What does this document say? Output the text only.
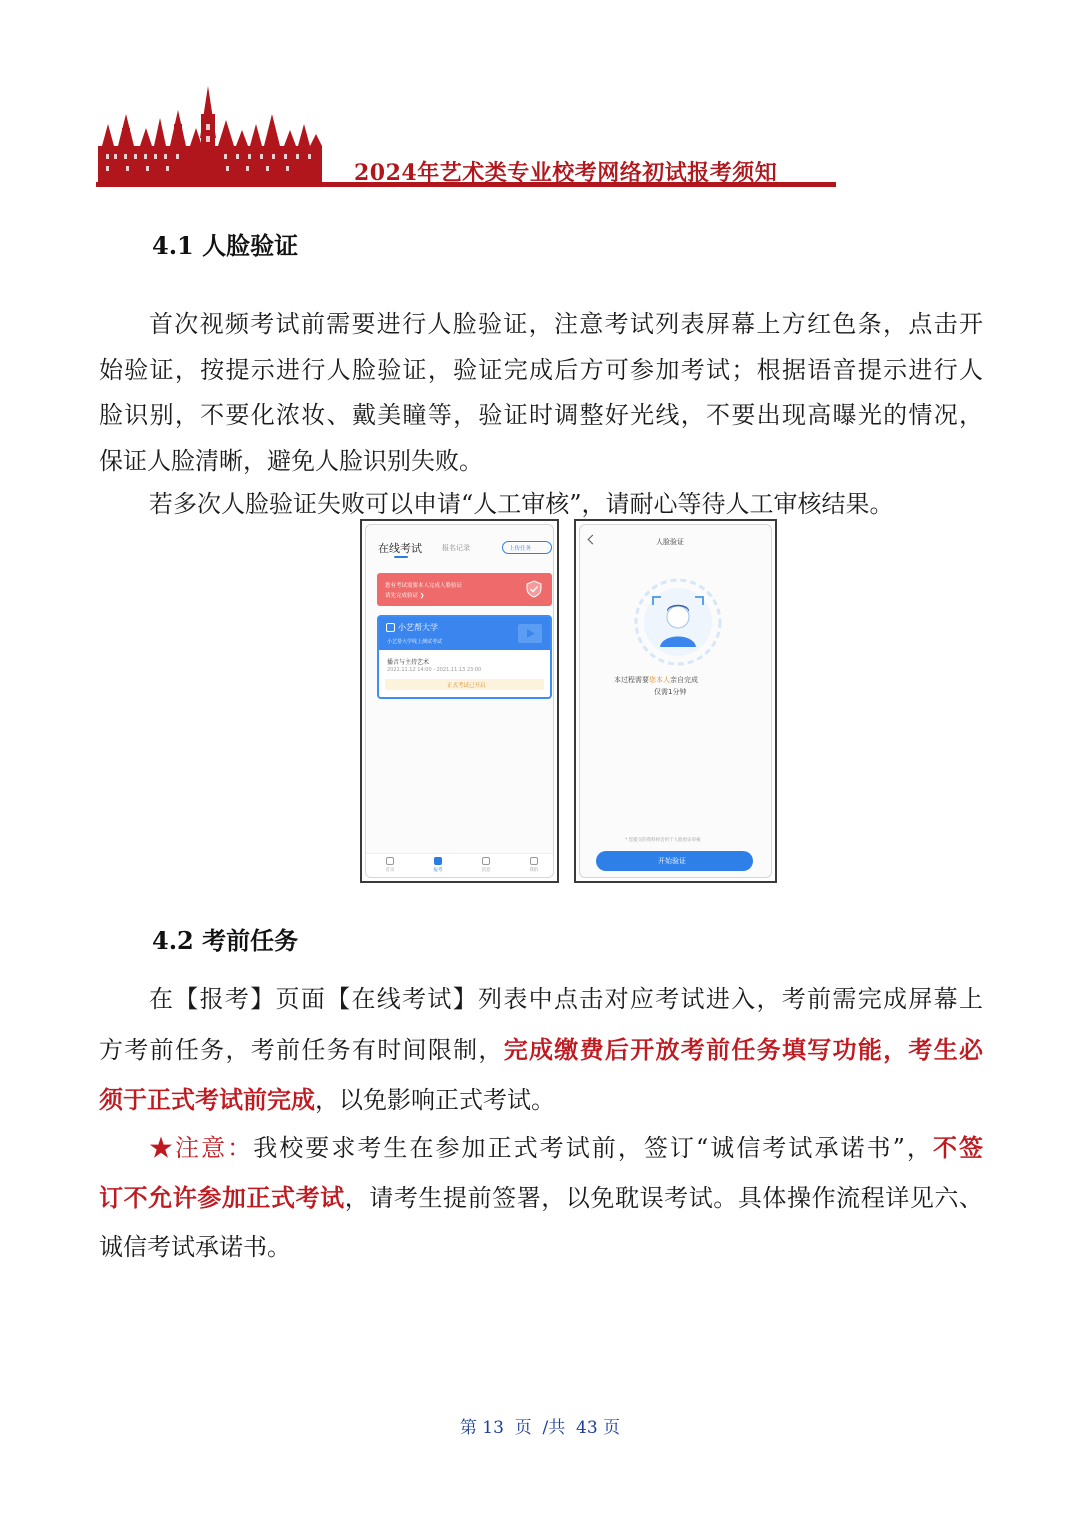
2024年艺术类专业校考网络初试报考须知
4.1 人脸验证
首次视频考试前需要进行人脸验证，注意考试列表屏幕上方红色条，点击开
始验证，按提示进行人脸验证，验证完成后方可参加考试；根据语音提示进行人
脸识别，不要化浓妆、戴美瞳等，验证时调整好光线，不要出现高曝光的情况，
保证人脸清晰，避免人脸识别失败。
若多次人脸验证失败可以申请“人工审核”，请耐心等待人工审核结果。
在线考试	报名记录	上传任务
您有考试需要本人完成人脸验证
请先完成验证 ❯
小艺帮大学
小艺帮大学线上测试考试
播音与主持艺术
2021.11.12 14:00 - 2021.11.13 23:00
正式考试已开启
首页	报考	消息	我的
人脸验证
本过程需要您本人亲自完成
仅需1分钟
* 您提交的资料将会用于人脸验证审核
开始验证
4.2 考前任务
在【报考】页面【在线考试】列表中点击对应考试进入，考前需完成屏幕上
方考前任务，考前任务有时间限制，完成缴费后开放考前任务填写功能，考生必
须于正式考试前完成，以免影响正式考试。
★注意：我校要求考生在参加正式考试前，签订“诚信考试承诺书”，不签
订不允许参加正式考试，请考生提前签署，以免耽误考试。具体操作流程详见六、
诚信考试承诺书。
第 13  页  /共  43 页
